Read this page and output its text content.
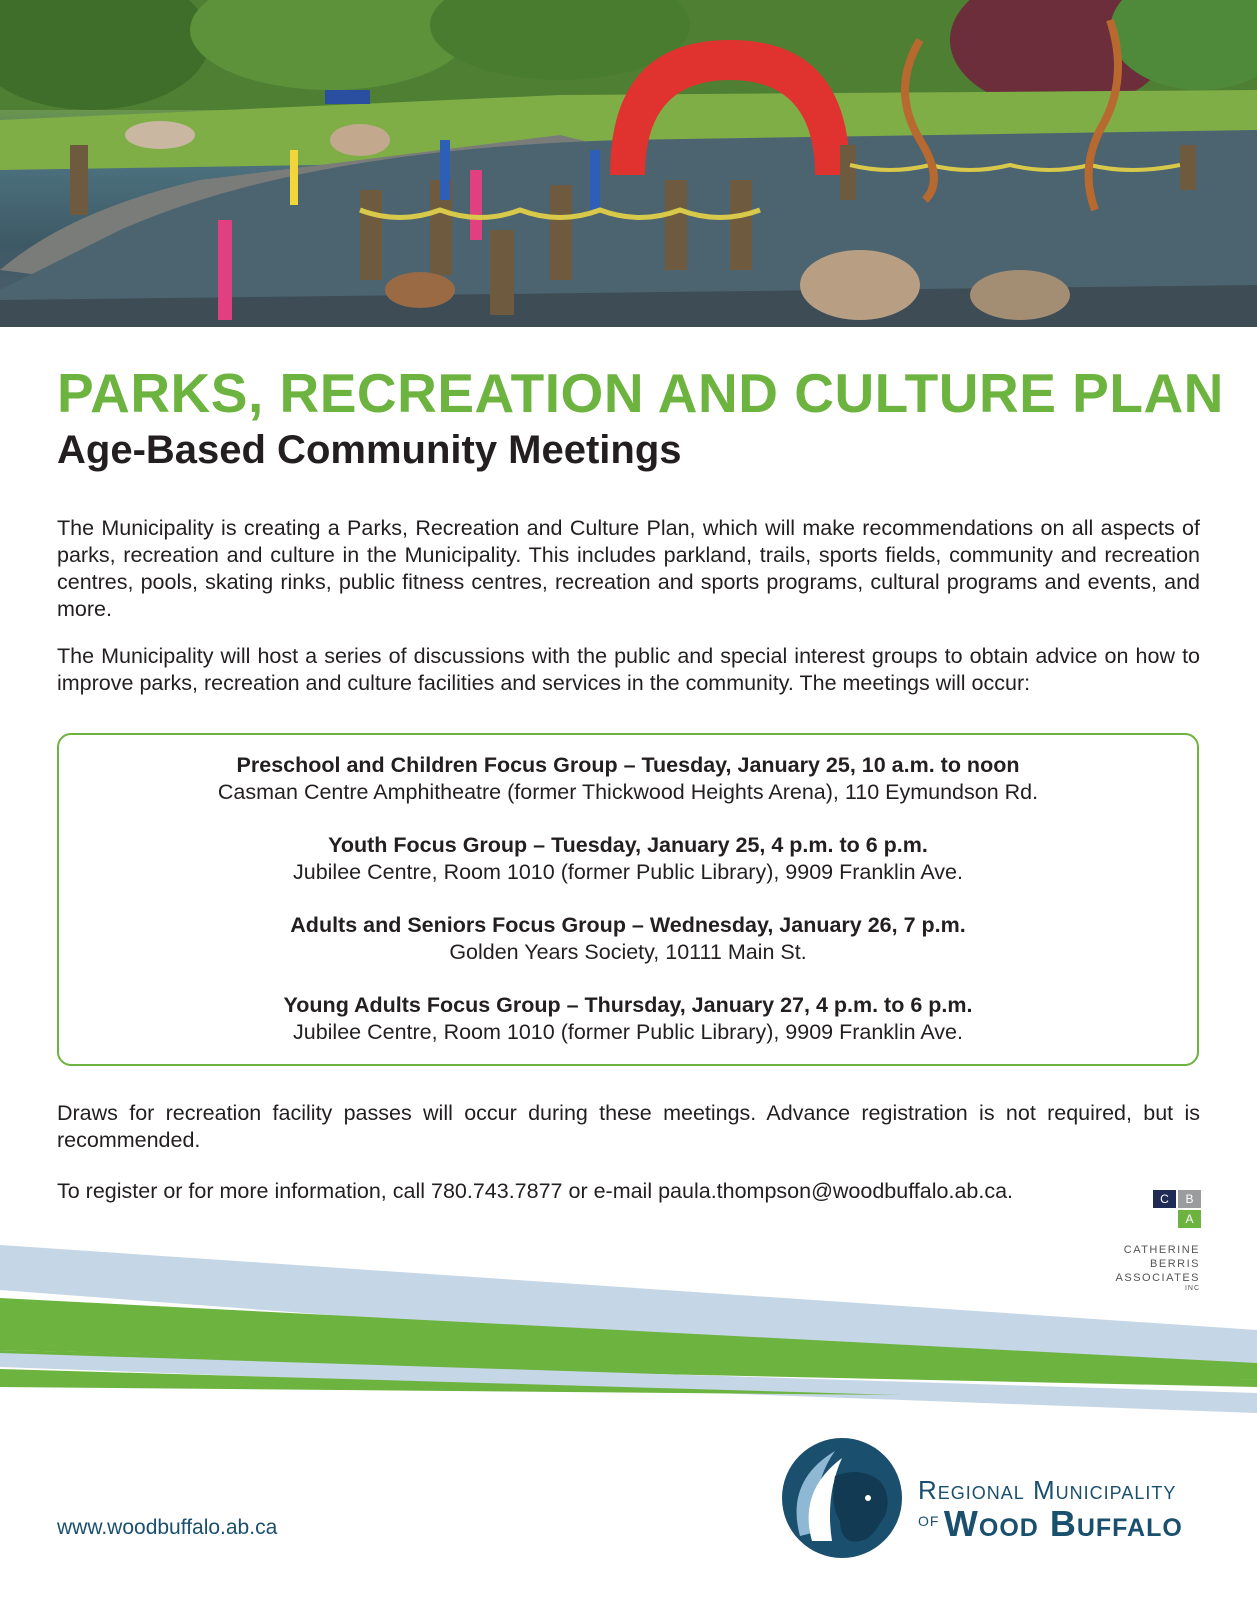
PARKS, RECREATION AND CULTURE PLAN
Age-Based Community Meetings

The Municipality is creating a Parks, Recreation and Culture Plan, which will make recommendations on all aspects of parks, recreation and culture in the Municipality. This includes parkland, trails, sports fields, community and recreation centres, pools, skating rinks, public fitness centres, recreation and sports programs, cultural programs and events, and more.

The Municipality will host a series of discussions with the public and special interest groups to obtain advice on how to improve parks, recreation and culture facilities and services in the community. The meetings will occur:

Preschool and Children Focus Group – Tuesday, January 25, 10 a.m. to noon
Casman Centre Amphitheatre (former Thickwood Heights Arena), 110 Eymundson Rd.
Youth Focus Group – Tuesday, January 25, 4 p.m. to 6 p.m.
Jubilee Centre, Room 1010 (former Public Library), 9909 Franklin Ave.
Adults and Seniors Focus Group – Wednesday, January 26, 7 p.m.
Golden Years Society, 10111 Main St.
Young Adults Focus Group – Thursday, January 27, 4 p.m. to 6 p.m.
Jubilee Centre, Room 1010 (former Public Library), 9909 Franklin Ave.

Draws for recreation facility passes will occur during these meetings. Advance registration is not required, but is recommended.

To register or for more information, call 780.743.7877 or e-mail paula.thompson@woodbuffalo.ab.ca.	C	B
A
CATHERINE
BERRIS
ASSOCIATES
INC
www.woodbuffalo.ab.ca
Regional Municipality
of Wood Buffalo
